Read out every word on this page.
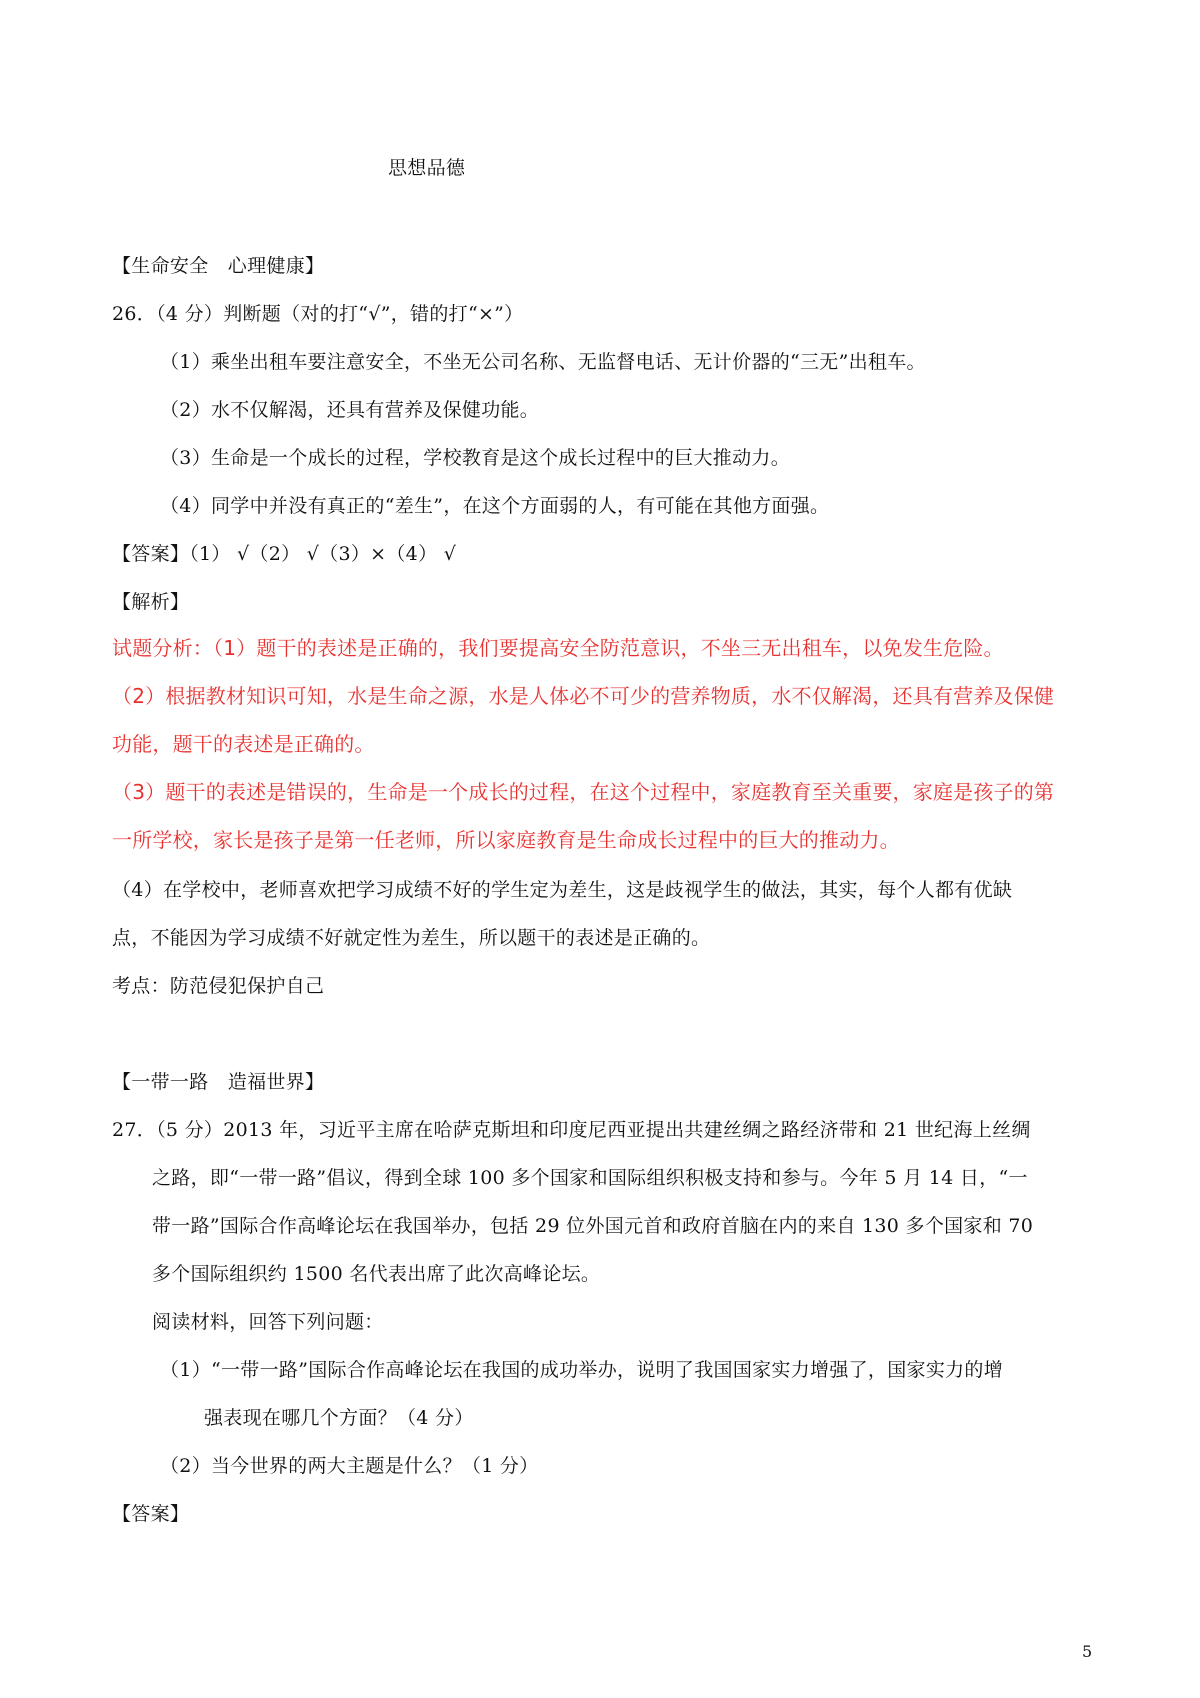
思想品德
【生命安全　心理健康】
26．（4 分）判断题（对的打“√”，错的打“×”）
（1）乘坐出租车要注意安全，不坐无公司名称、无监督电话、无计价器的“三无”出租车。
（2）水不仅解渴，还具有营养及保健功能。
（3）生命是一个成长的过程，学校教育是这个成长过程中的巨大推动力。
（4）同学中并没有真正的“差生”，在这个方面弱的人，有可能在其他方面强。
【答案】（1） √（2） √（3）×（4） √
【解析】
试题分析：（1）题干的表述是正确的，我们要提高安全防范意识，不坐三无出租车，以免发生危险。
（2）根据教材知识可知，水是生命之源，水是人体必不可少的营养物质，水不仅解渴，还具有营养及保健
功能，题干的表述是正确的。
（3）题干的表述是错误的，生命是一个成长的过程，在这个过程中，家庭教育至关重要，家庭是孩子的第
一所学校，家长是孩子是第一任老师，所以家庭教育是生命成长过程中的巨大的推动力。
（4）在学校中，老师喜欢把学习成绩不好的学生定为差生，这是歧视学生的做法，其实，每个人都有优缺
点，不能因为学习成绩不好就定性为差生，所以题干的表述是正确的。
考点：防范侵犯保护自己
【一带一路　造福世界】
27．（5 分）2013 年，习近平主席在哈萨克斯坦和印度尼西亚提出共建丝绸之路经济带和 21 世纪海上丝绸
之路，即“一带一路”倡议，得到全球 100 多个国家和国际组织积极支持和参与。今年 5 月 14 日，“一
带一路”国际合作高峰论坛在我国举办，包括 29 位外国元首和政府首脑在内的来自 130 多个国家和 70
多个国际组织约 1500 名代表出席了此次高峰论坛。
阅读材料，回答下列问题：
（1）“一带一路”国际合作高峰论坛在我国的成功举办，说明了我国国家实力增强了，国家实力的增
强表现在哪几个方面？（4 分）
（2）当今世界的两大主题是什么？（1 分）
【答案】
5
